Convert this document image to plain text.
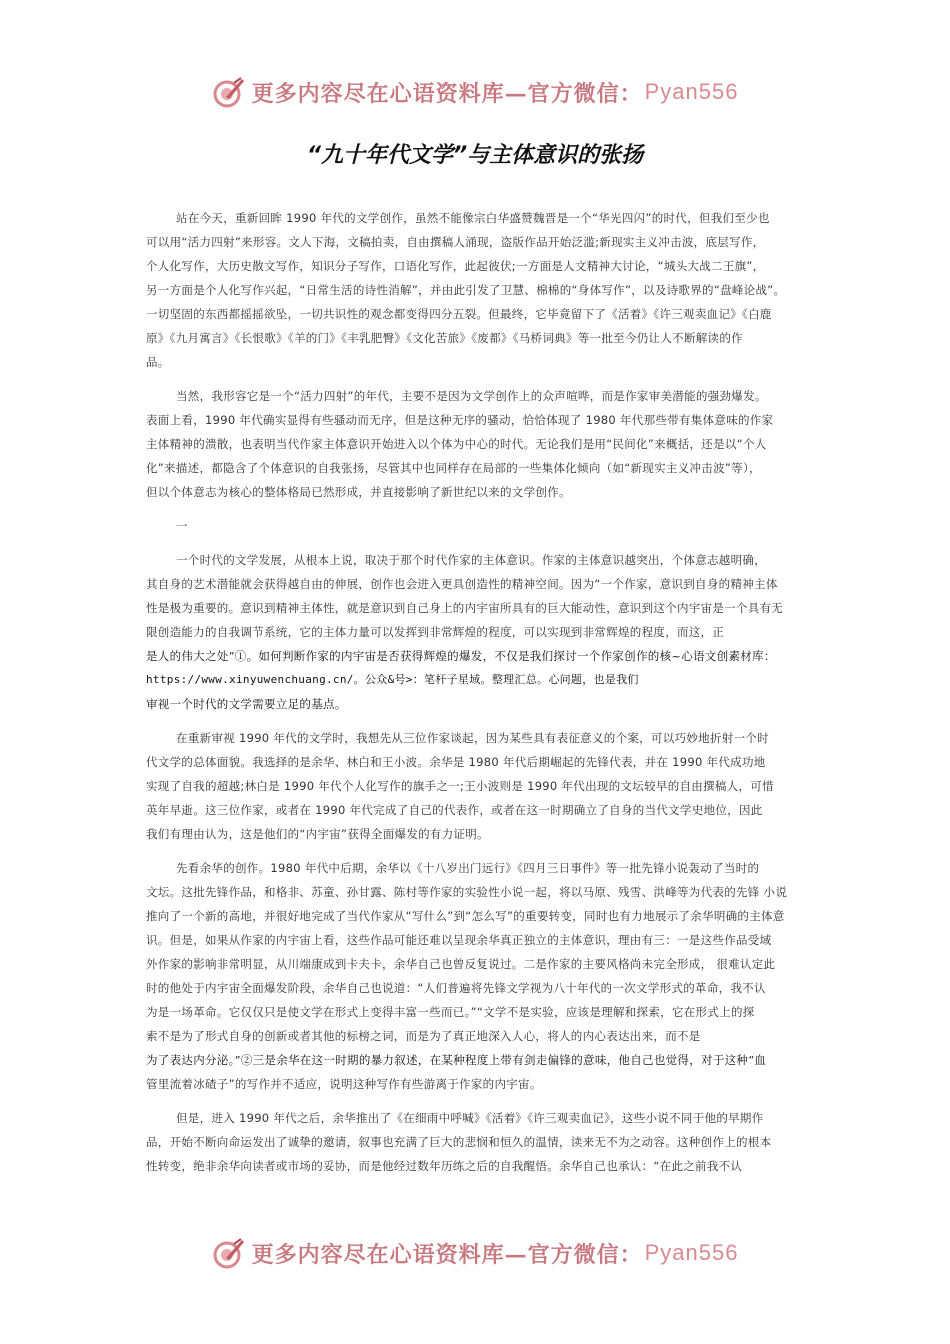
更多内容尽在心语资料库—官方微信： Pyan556
“九十年代文学”与主体意识的张扬
站在今天，重新回眸 1990 年代的文学创作，虽然不能像宗白华盛赞魏晋是一个“华光四闪”的时代，但我们至少也
可以用“活力四射”来形容。文人下海，文稿拍卖，自由撰稿人涌现，盗版作品开始泛滥;新现实主义冲击波，底层写作，
个人化写作，大历史散文写作，知识分子写作，口语化写作，此起彼伏;一方面是人文精神大讨论，“城头大战二王旗”，
另一方面是个人化写作兴起，“日常生活的诗性消解”，并由此引发了卫慧、棉棉的“身体写作”，以及诗歌界的“盘峰论战”。
一切坚固的东西都摇摇欲坠，一切共识性的观念都变得四分五裂。但最终，它毕竟留下了《活着》《许三观卖血记》《白鹿
原》《九月寓言》《长恨歌》《羊的门》《丰乳肥臀》《文化苦旅》《废都》《马桥词典》等一批至今仍让人不断解读的作
品。
当然，我形容它是一个“活力四射”的年代，主要不是因为文学创作上的众声喧哗，而是作家审美潜能的强劲爆发。
表面上看，1990 年代确实显得有些骚动而无序，但是这种无序的骚动，恰恰体现了 1980 年代那些带有集体意味的作家
主体精神的溃散，也表明当代作家主体意识开始进入以个体为中心的时代。无论我们是用“民间化”来概括，还是以“个人
化”来描述，都隐含了个体意识的自我张扬，尽管其中也同样存在局部的一些集体化倾向（如“新现实主义冲击波”等），
但以个体意志为核心的整体格局已然形成，并直接影响了新世纪以来的文学创作。
一
一个时代的文学发展，从根本上说，取决于那个时代作家的主体意识。作家的主体意识越突出，个体意志越明确，
其自身的艺术潜能就会获得越自由的伸展，创作也会进入更具创造性的精神空间。因为“一个作家，意识到自身的精神主体
性是极为重要的。意识到精神主体性，就是意识到自己身上的内宇宙所具有的巨大能动性，意识到这个内宇宙是一个具有无
限创造能力的自我调节系统，它的主体力量可以发挥到非常辉煌的程度，可以实现到非常辉煌的程度，而这，正
是人的伟大之处”①。如何判断作家的内宇宙是否获得辉煌的爆发，不仅是我们探讨一个作家创作的核~心语文创素材库：
https://www.xinyuwenchuang.cn/。公众&号>：笔杆子星域。整理汇总。心问题，也是我们
审视一个时代的文学需要立足的基点。
在重新审视 1990 年代的文学时，我想先从三位作家谈起，因为某些具有表征意义的个案，可以巧妙地折射一个时
代文学的总体面貌。我选择的是余华、林白和王小波。余华是 1980 年代后期崛起的先锋代表，并在 1990 年代成功地
实现了自我的超越;林白是 1990 年代个人化写作的旗手之一;王小波则是 1990 年代出现的文坛较早的自由撰稿人，可惜
英年早逝。这三位作家，或者在 1990 年代完成了自己的代表作，或者在这一时期确立了自身的当代文学史地位，因此
我们有理由认为，这是他们的“内宇宙”获得全面爆发的有力证明。
先看余华的创作。1980 年代中后期，余华以《十八岁出门远行》《四月三日事件》等一批先锋小说轰动了当时的
文坛。这批先锋作品，和格非、苏童、孙甘露、陈村等作家的实验性小说一起，将以马原、残雪、洪峰等为代表的先锋 小说
推向了一个新的高地，并很好地完成了当代作家从“写什么”到“怎么写”的重要转变，同时也有力地展示了余华明确的主体意
识。但是，如果从作家的内宇宙上看，这些作品可能还难以呈现余华真正独立的主体意识，理由有三：一是这些作品受域
外作家的影响非常明显，从川端康成到卡夫卡，余华自己也曾反复说过。二是作家的主要风格尚未完全形成， 很难认定此
时的他处于内宇宙全面爆发阶段，余华自己也说道：“人们普遍将先锋文学视为八十年代的一次文学形式的革命，我不认
为是一场革命。它仅仅只是使文学在形式上变得丰富一些而已。”“文学不是实验，应该是理解和探索，它在形式上的探
索不是为了形式自身的创新或者其他的标榜之词，而是为了真正地深入人心，将人的内心表达出来，而不是
为了表达内分泌。”②三是余华在这一时期的暴力叙述，在某种程度上带有剑走偏锋的意味，他自己也觉得，对于这种“血
管里流着冰碴子”的写作并不适应，说明这种写作有些游离于作家的内宇宙。
但是，进入 1990 年代之后，余华推出了《在细雨中呼喊》《活着》《许三观卖血记》，这些小说不同于他的早期作
品，开始不断向命运发出了诚挚的邀请，叙事也充满了巨大的悲悯和恒久的温情，读来无不为之动容。这种创作上的根本
性转变，绝非余华向读者或市场的妥协，而是他经过数年历练之后的自我醒悟。余华自己也承认：“在此之前我不认
更多内容尽在心语资料库—官方微信： Pyan556
